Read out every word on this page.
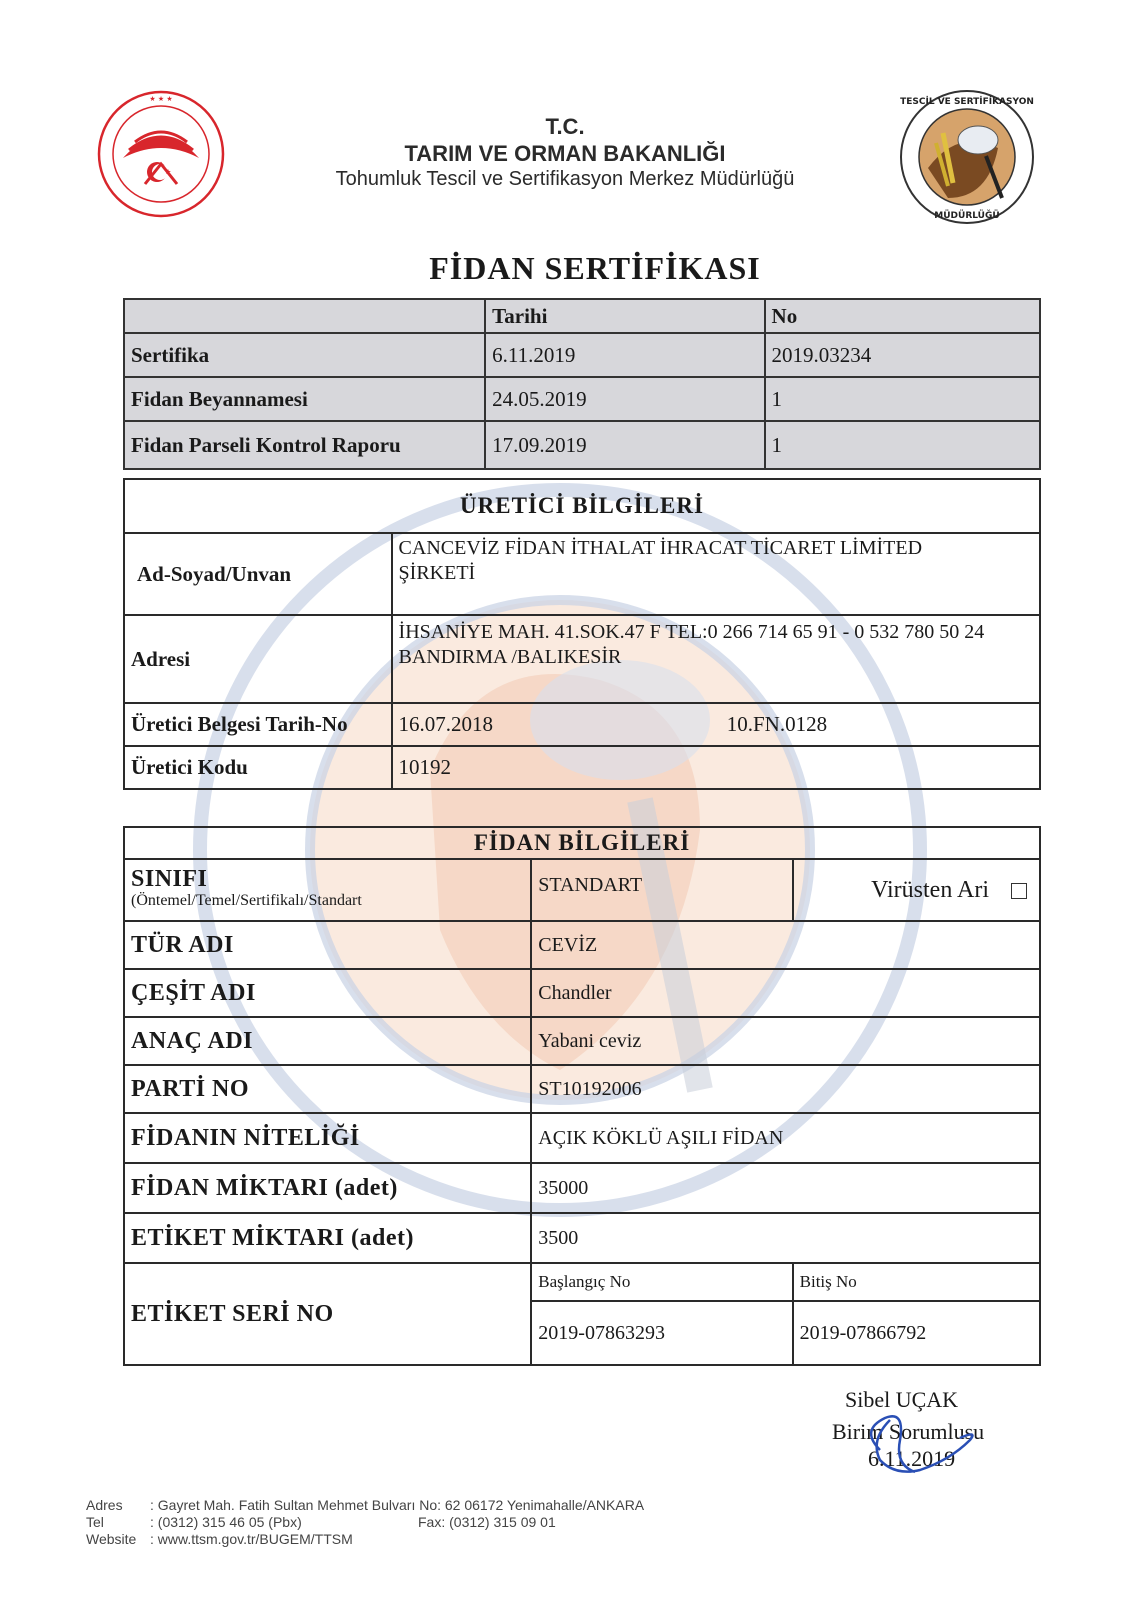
★ ★ ★	TESCİL VE SERTİFİKASYON
MÜDÜRLÜĞÜ
T.C.
TARIM VE ORMAN BAKANLIĞI
Tohumluk Tescil ve Sertifikasyon Merkez Müdürlüğü
FİDAN SERTİFİKASI
	Tarihi	No
Sertifika	6.11.2019	2019.03234
Fidan Beyannamesi	24.05.2019	1
Fidan Parseli Kontrol Raporu	17.09.2019	1
ÜRETİCİ BİLGİLERİ		
Ad-Soyad/Unvan	CANCEVİZ FİDAN İTHALAT İHRACAT TİCARET LİMİTED
ŞİRKETİ	

Adresi	İHSANİYE MAH. 41.SOK.47 F TEL:0 266 714 65 91 - 0 532 780 50 24
BANDIRMA /BALIKESİR	

Üretici Belgesi Tarih-No	16.07.2018	10.FN.0128
Üretici Kodu	10192	
FİDAN BİLGİLERİ		

SINIFI
(Öntemel/Temel/Sertifikalı/Standart	STANDART	Virüsten Ari
TÜR ADI	CEVİZ	
ÇEŞİT ADI	Chandler	
ANAÇ ADI	Yabani ceviz	
PARTİ NO	ST10192006	
FİDANIN NİTELİĞİ	AÇIK KÖKLÜ AŞILI FİDAN	
FİDAN MİKTARI (adet)	35000	
ETİKET MİKTARI (adet)	3500	
ETİKET SERİ NO	Başlangıç No	Bitiş No
	2019-07863293	2019-07866792
Sibel UÇAK
Birim Sorumlusu
6.11.2019
Adres : Gayret Mah. Fatih Sultan Mehmet Bulvarı No: 62 06172 Yenimahalle/ANKARA
Tel	: (0312) 315 46 05 (Pbx)	Fax: (0312) 315 09 01
Website : www.ttsm.gov.tr/BUGEM/TTSM
